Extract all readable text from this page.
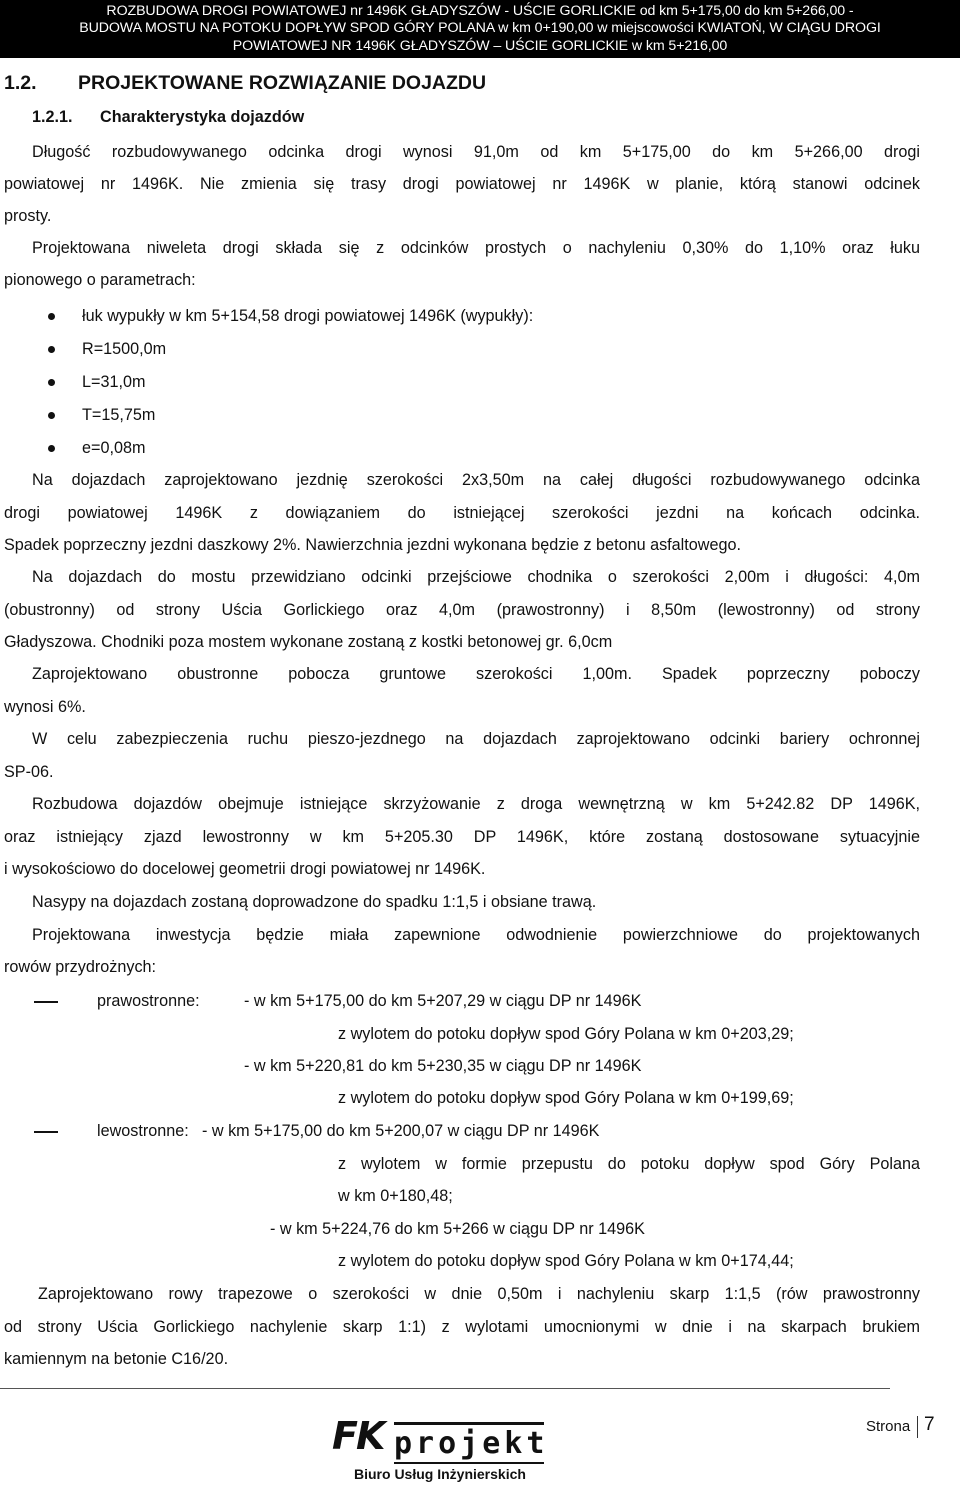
ROZBUDOWA DROGI POWIATOWEJ nr 1496K GŁADYSZÓW - UŚCIE GORLICKIE od km 5+175,00 do km 5+266,00 -
BUDOWA MOSTU NA POTOKU DOPŁYW SPOD GÓRY POLANA w km 0+190,00 w miejscowości KWIATOŃ, W CIĄGU DROGI
POWIATOWEJ NR 1496K GŁADYSZÓW – UŚCIE GORLICKIE w km 5+216,00
1.2. PROJEKTOWANE ROZWIĄZANIE DOJAZDU
1.2.1. Charakterystyka dojazdów
Długość rozbudowywanego odcinka drogi wynosi 91,0m od km 5+175,00 do km 5+266,00 drogi
powiatowej nr 1496K. Nie zmienia się trasy drogi powiatowej nr 1496K w planie, którą stanowi odcinek
prosty.
Projektowana niweleta drogi składa się z odcinków prostych o nachyleniu 0,30% do 1,10% oraz łuku
pionowego o parametrach:
łuk wypukły w km 5+154,58 drogi powiatowej 1496K (wypukły):
R=1500,0m
L=31,0m
T=15,75m
e=0,08m
Na dojazdach zaprojektowano jezdnię szerokości 2x3,50m na całej długości rozbudowywanego odcinka
drogi powiatowej 1496K z dowiązaniem do istniejącej szerokości jezdni na końcach odcinka.
Spadek poprzeczny jezdni daszkowy 2%. Nawierzchnia jezdni wykonana będzie z betonu asfaltowego.
Na dojazdach do mostu przewidziano odcinki przejściowe chodnika o szerokości 2,00m i długości: 4,0m
(obustronny) od strony Uścia Gorlickiego oraz 4,0m (prawostronny) i 8,50m (lewostronny) od strony
Gładyszowa. Chodniki poza mostem wykonane zostaną z kostki betonowej gr. 6,0cm
Zaprojektowano obustronne pobocza gruntowe szerokości 1,00m. Spadek poprzeczny poboczy
wynosi 6%.
W celu zabezpieczenia ruchu pieszo-jezdnego na dojazdach zaprojektowano odcinki bariery ochronnej
SP-06.
Rozbudowa dojazdów obejmuje istniejące skrzyżowanie z droga wewnętrzną w km 5+242.82 DP 1496K,
oraz istniejący zjazd lewostronny w km 5+205.30 DP 1496K, które zostaną dostosowane sytuacyjnie
i wysokościowo do docelowej geometrii drogi powiatowej nr 1496K.
Nasypy na dojazdach zostaną doprowadzone do spadku 1:1,5 i obsiane trawą.
Projektowana inwestycja będzie miała zapewnione odwodnienie powierzchniowe do projektowanych
rowów przydrożnych:
prawostronne:	- w km 5+175,00 do km 5+207,29 w ciągu DP nr 1496K
z wylotem do potoku dopływ spod Góry Polana w km 0+203,29;
- w km 5+220,81 do km 5+230,35 w ciągu DP nr 1496K
z wylotem do potoku dopływ spod Góry Polana w km 0+199,69;
lewostronne: - w km 5+175,00 do km 5+200,07 w ciągu DP nr 1496K
z wylotem w formie przepustu do potoku dopływ spod Góry Polana
w km 0+180,48;
- w km 5+224,76 do km 5+266 w ciągu DP nr 1496K
z wylotem do potoku dopływ spod Góry Polana w km 0+174,44;
Zaprojektowano rowy trapezowe o szerokości w dnie 0,50m i nachyleniu skarp 1:1,5 (rów prawostronny
od strony Uścia Gorlickiego nachylenie skarp 1:1) z wylotami umocnionymi w dnie i na skarpach brukiem
kamiennym na betonie C16/20.
FK projekt
Biuro Usług Inżynierskich
Strona 7
